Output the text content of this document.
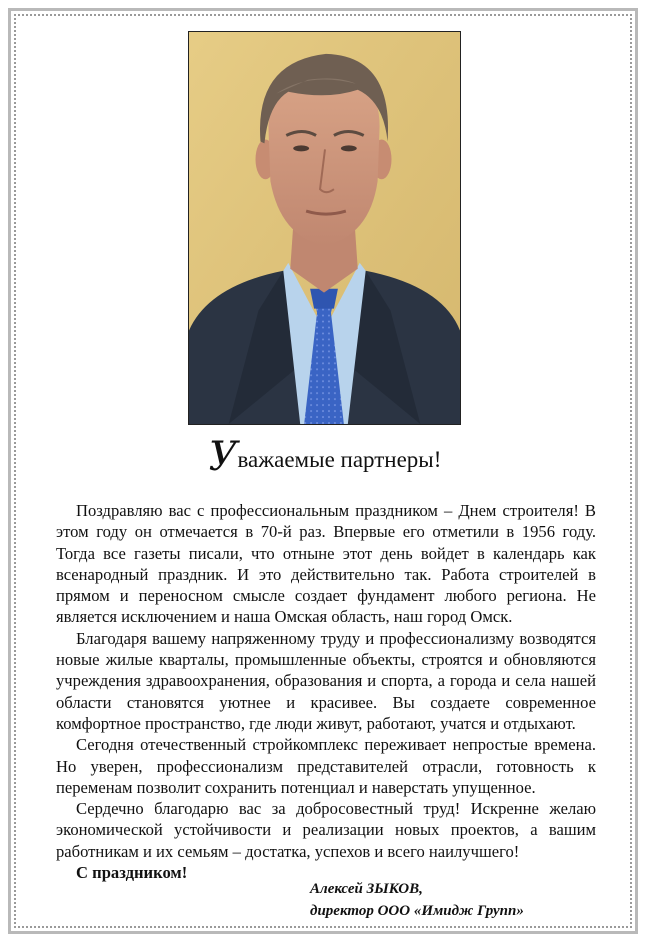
Уважаемые партнеры!

Поздравляю вас с профессиональным праздником – Днем строителя! В этом году он отмечается в 70-й раз. Впервые его отметили в 1956 году. Тогда все газеты писали, что отныне этот день войдет в календарь как всенародный праздник. И это действительно так. Работа строителей в прямом и переносном смысле создает фундамент любого региона. Не является исключением и наша Омская область, наш город Омск.

Благодаря вашему напряженному труду и профессионализму возводятся новые жилые кварталы, промышленные объекты, строятся и обновляются учреждения здравоохранения, образования и спорта, а города и села нашей области становятся уютнее и красивее. Вы создаете современное комфортное пространство, где люди живут, работают, учатся и отдыхают.

Сегодня отечественный стройкомплекс переживает непростые времена. Но уверен, профессионализм представителей отрасли, готовность к переменам позволит сохранить потенциал и наверстать упущенное.

Сердечно благодарю вас за добросовестный труд! Искренне желаю экономической устойчивости и реализации новых проектов, а вашим работникам и их семьям – достатка, успехов и всего наилучшего!

С праздником!

Алексей ЗЫКОВ,
директор ООО «Имидж Групп»
